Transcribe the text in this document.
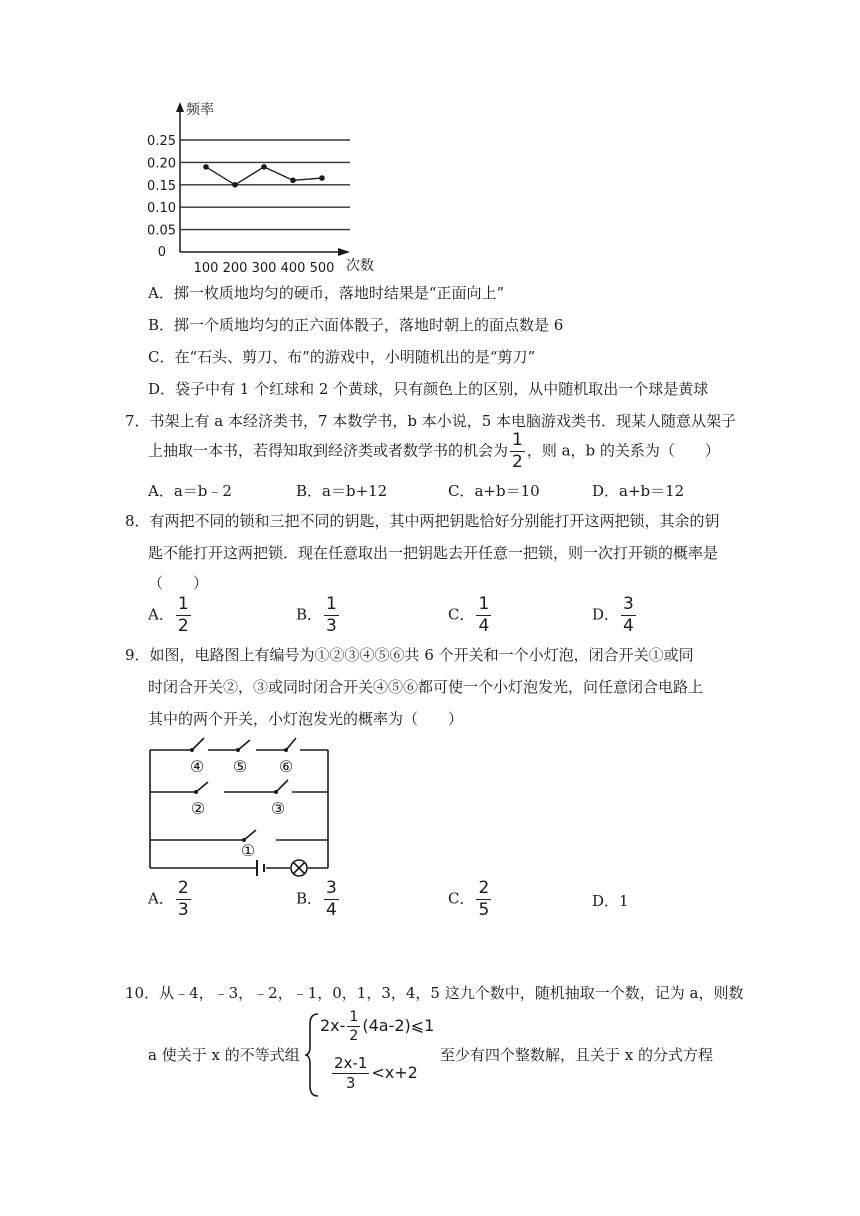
频率
次数
0.25
0.20
0.15
0.10
0.05
0
100 200 300 400 500
A．掷一枚质地均匀的硬币，落地时结果是“正面向上”
B．掷一个质地均匀的正六面体骰子，落地时朝上的面点数是 6
C．在“石头、剪刀、布”的游戏中，小明随机出的是“剪刀”
D．袋子中有 1 个红球和 2 个黄球，只有颜色上的区别，从中随机取出一个球是黄球
7．书架上有 a 本经济类书，7 本数学书，b 本小说，5 本电脑游戏类书．现某人随意从架子
上抽取一本书，若得知取到经济类或者数学书的机会为 $\frac{1}{2}$ ，则 a，b 的关系为（　　）
A．a＝b﹣2	B．a＝b+12	C．a+b＝10	D．a+b＝12
8．有两把不同的锁和三把不同的钥匙，其中两把钥匙恰好分别能打开这两把锁，其余的钥
匙不能打开这两把锁．现在任意取出一把钥匙去开任意一把锁，则一次打开锁的概率是
（　　）
A． $\frac{1}{2}$	B． $\frac{1}{3}$	C． $\frac{1}{4}$	D． $\frac{3}{4}$
9．如图，电路图上有编号为①②③④⑤⑥共 6 个开关和一个小灯泡，闭合开关①或同
时闭合开关②，③或同时闭合开关④⑤⑥都可使一个小灯泡发光，问任意闭合电路上
其中的两个开关，小灯泡发光的概率为（　　）
④ ⑤ ⑥
②	③
①
A． $\frac{2}{3}$	B． $\frac{3}{4}$	C． $\frac{2}{5}$	D．1
10．从﹣4，﹣3，﹣2，﹣1，0，1，3，4，5 这九个数中，随机抽取一个数，记为 a，则数
a 使关于 x 的不等式组
$2x- \frac{1}{2}$ (4a-2)⩽1
$\frac{2x-1}{3} <x+2$
至少有四个整数解，且关于 x 的分式方程
